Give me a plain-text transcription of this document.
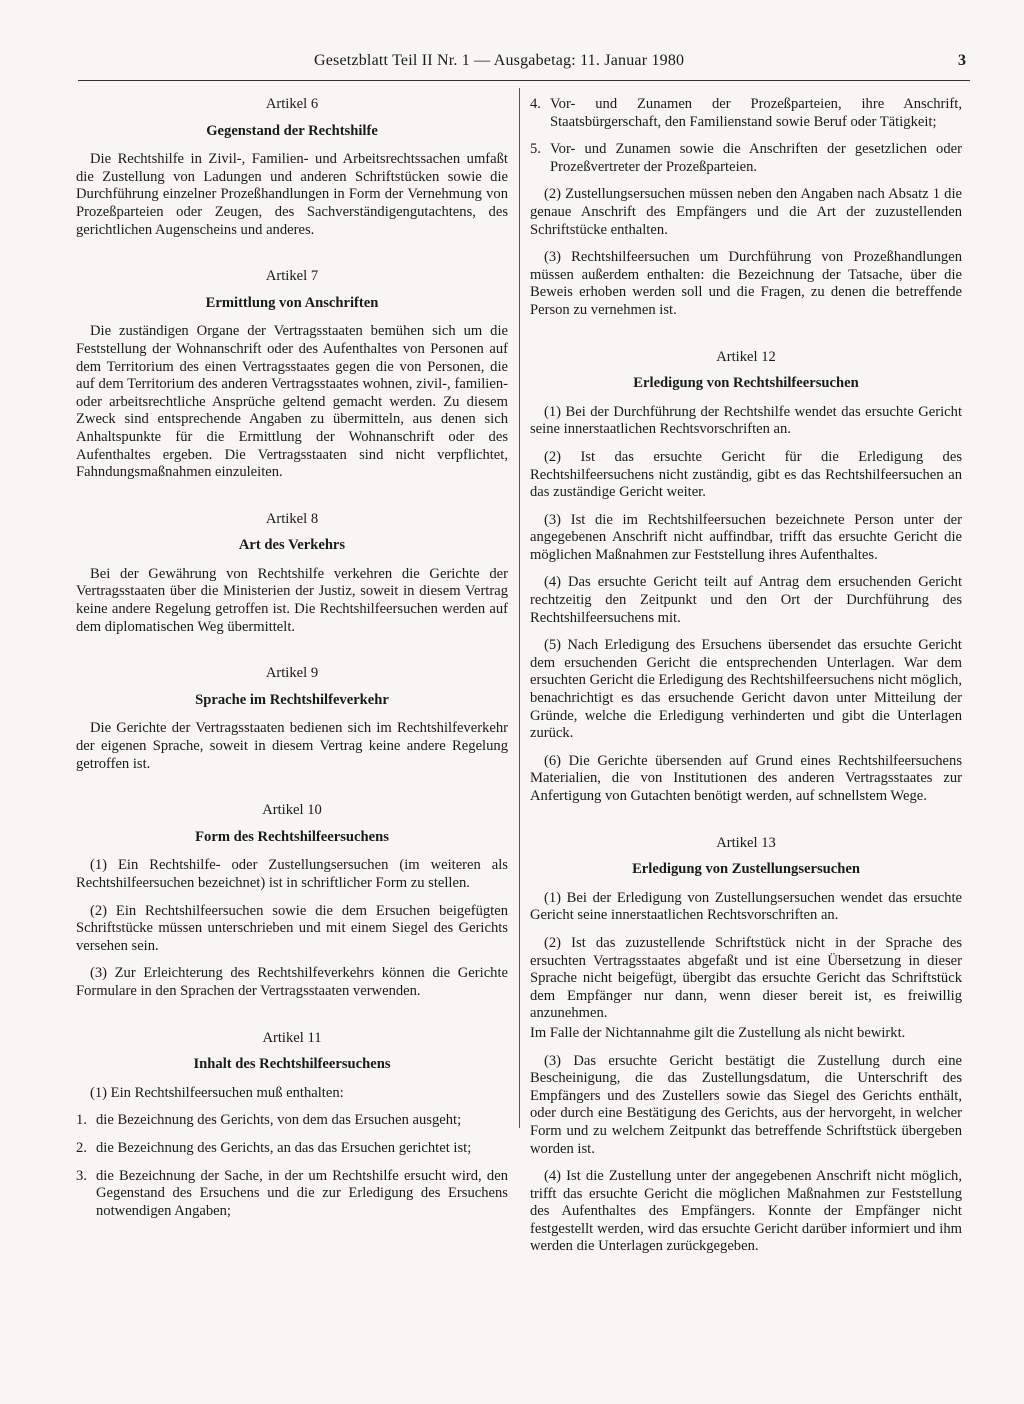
Gesetzblatt Teil II Nr. 1 — Ausgabetag: 11. Januar 1980	3
Artikel 6
Gegenstand der Rechtshilfe

Die Rechtshilfe in Zivil-, Familien- und Arbeitsrechtssachen umfaßt die Zustellung von Ladungen und anderen Schriftstücken sowie die Durchführung einzelner Prozeßhandlungen in Form der Vernehmung von Prozeßparteien oder Zeugen, des Sachverständigengutachtens, des gerichtlichen Augenscheins und anderes.

Artikel 7
Ermittlung von Anschriften

Die zuständigen Organe der Vertragsstaaten bemühen sich um die Feststellung der Wohnanschrift oder des Aufenthaltes von Personen auf dem Territorium des einen Vertragsstaates gegen die von Personen, die auf dem Territorium des anderen Vertragsstaates wohnen, zivil-, familien- oder arbeitsrechtliche Ansprüche geltend gemacht werden. Zu diesem Zweck sind entsprechende Angaben zu übermitteln, aus denen sich Anhaltspunkte für die Ermittlung der Wohnanschrift oder des Aufenthaltes ergeben. Die Vertragsstaaten sind nicht verpflichtet, Fahndungsmaßnahmen einzuleiten.

Artikel 8
Art des Verkehrs

Bei der Gewährung von Rechtshilfe verkehren die Gerichte der Vertragsstaaten über die Ministerien der Justiz, soweit in diesem Vertrag keine andere Regelung getroffen ist. Die Rechtshilfeersuchen werden auf dem diplomatischen Weg übermittelt.

Artikel 9
Sprache im Rechtshilfeverkehr

Die Gerichte der Vertragsstaaten bedienen sich im Rechtshilfeverkehr der eigenen Sprache, soweit in diesem Vertrag keine andere Regelung getroffen ist.

Artikel 10
Form des Rechtshilfeersuchens

(1) Ein Rechtshilfe- oder Zustellungsersuchen (im weiteren als Rechtshilfeersuchen bezeichnet) ist in schriftlicher Form zu stellen.

(2) Ein Rechtshilfeersuchen sowie die dem Ersuchen beigefügten Schriftstücke müssen unterschrieben und mit einem Siegel des Gerichts versehen sein.

(3) Zur Erleichterung des Rechtshilfeverkehrs können die Gerichte Formulare in den Sprachen der Vertragsstaaten verwenden.

Artikel 11
Inhalt des Rechtshilfeersuchens

(1) Ein Rechtshilfeersuchen muß enthalten:

1. die Bezeichnung des Gerichts, von dem das Ersuchen ausgeht;
2. die Bezeichnung des Gerichts, an das das Ersuchen gerichtet ist;
3. die Bezeichnung der Sache, in der um Rechtshilfe ersucht wird, den Gegenstand des Ersuchens und die zur Erledigung des Ersuchens notwendigen Angaben;
4. Vor- und Zunamen der Prozeßparteien, ihre Anschrift, Staatsbürgerschaft, den Familienstand sowie Beruf oder Tätigkeit;
5. Vor- und Zunamen sowie die Anschriften der gesetzlichen oder Prozeßvertreter der Prozeßparteien.

(2) Zustellungsersuchen müssen neben den Angaben nach Absatz 1 die genaue Anschrift des Empfängers und die Art der zuzustellenden Schriftstücke enthalten.

(3) Rechtshilfeersuchen um Durchführung von Prozeßhandlungen müssen außerdem enthalten: die Bezeichnung der Tatsache, über die Beweis erhoben werden soll und die Fragen, zu denen die betreffende Person zu vernehmen ist.

Artikel 12
Erledigung von Rechtshilfeersuchen

(1) Bei der Durchführung der Rechtshilfe wendet das ersuchte Gericht seine innerstaatlichen Rechtsvorschriften an.

(2) Ist das ersuchte Gericht für die Erledigung des Rechtshilfeersuchens nicht zuständig, gibt es das Rechtshilfeersuchen an das zuständige Gericht weiter.

(3) Ist die im Rechtshilfeersuchen bezeichnete Person unter der angegebenen Anschrift nicht auffindbar, trifft das ersuchte Gericht die möglichen Maßnahmen zur Feststellung ihres Aufenthaltes.

(4) Das ersuchte Gericht teilt auf Antrag dem ersuchenden Gericht rechtzeitig den Zeitpunkt und den Ort der Durchführung des Rechtshilfeersuchens mit.

(5) Nach Erledigung des Ersuchens übersendet das ersuchte Gericht dem ersuchenden Gericht die entsprechenden Unterlagen. War dem ersuchten Gericht die Erledigung des Rechtshilfeersuchens nicht möglich, benachrichtigt es das ersuchende Gericht davon unter Mitteilung der Gründe, welche die Erledigung verhinderten und gibt die Unterlagen zurück.

(6) Die Gerichte übersenden auf Grund eines Rechtshilfeersuchens Materialien, die von Institutionen des anderen Vertragsstaates zur Anfertigung von Gutachten benötigt werden, auf schnellstem Wege.

Artikel 13
Erledigung von Zustellungsersuchen

(1) Bei der Erledigung von Zustellungsersuchen wendet das ersuchte Gericht seine innerstaatlichen Rechtsvorschriften an.

(2) Ist das zuzustellende Schriftstück nicht in der Sprache des ersuchten Vertragsstaates abgefaßt und ist eine Übersetzung in dieser Sprache nicht beigefügt, übergibt das ersuchte Gericht das Schriftstück dem Empfänger nur dann, wenn dieser bereit ist, es freiwillig anzunehmen.

Im Falle der Nichtannahme gilt die Zustellung als nicht bewirkt.

(3) Das ersuchte Gericht bestätigt die Zustellung durch eine Bescheinigung, die das Zustellungsdatum, die Unterschrift des Empfängers und des Zustellers sowie das Siegel des Gerichts enthält, oder durch eine Bestätigung des Gerichts, aus der hervorgeht, in welcher Form und zu welchem Zeitpunkt das betreffende Schriftstück übergeben worden ist.

(4) Ist die Zustellung unter der angegebenen Anschrift nicht möglich, trifft das ersuchte Gericht die möglichen Maßnahmen zur Feststellung des Aufenthaltes des Empfängers. Konnte der Empfänger nicht festgestellt werden, wird das ersuchte Gericht darüber informiert und ihm werden die Unterlagen zurückgegeben.
